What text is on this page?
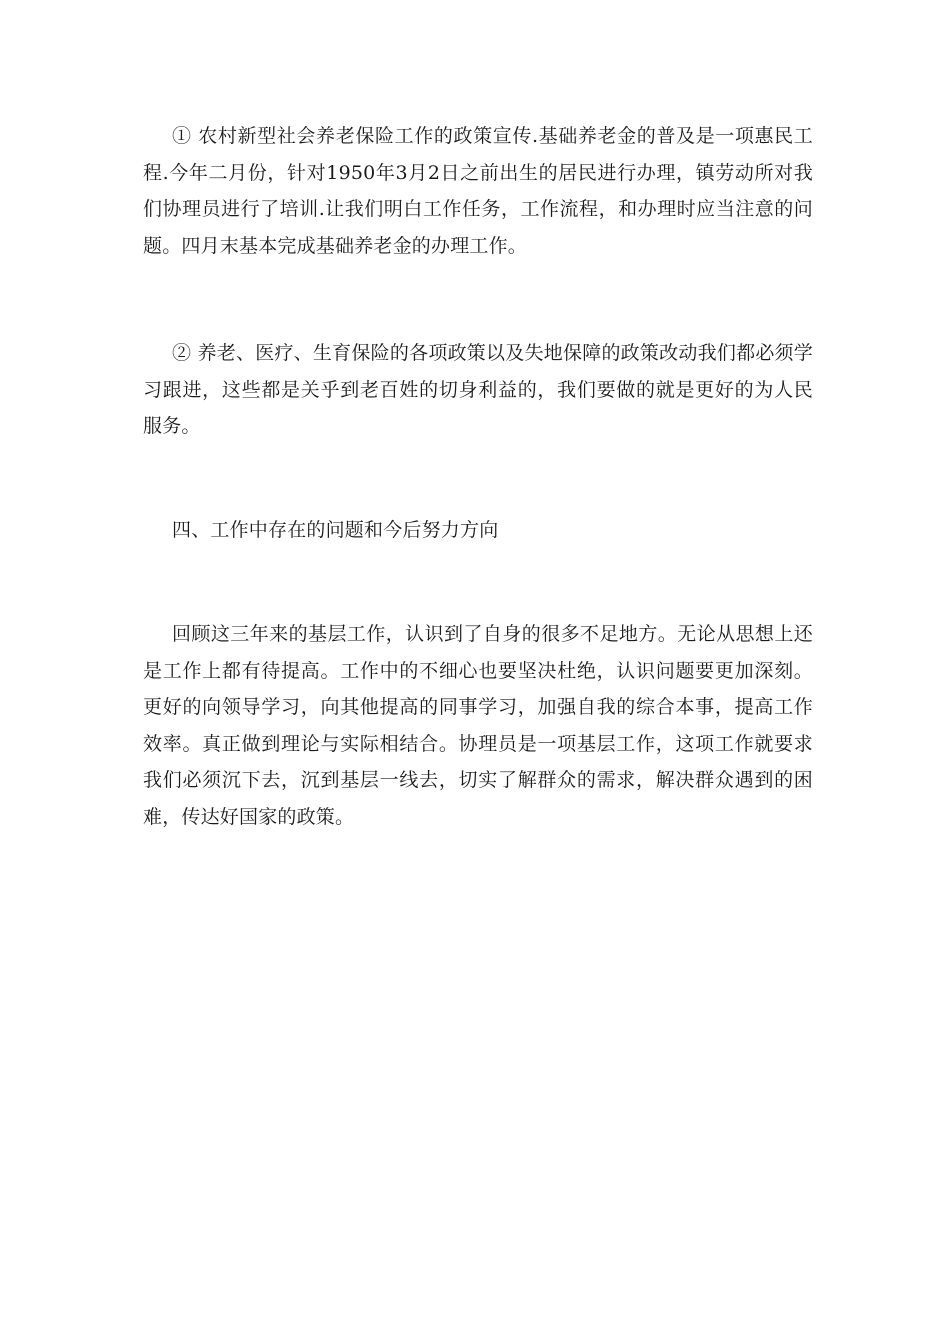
① 农村新型社会养老保险工作的政策宣传.基础养老金的普及是一项惠民工程.今年二月份，针对1950年3月2日之前出生的居民进行办理，镇劳动所对我们协理员进行了培训.让我们明白工作任务，工作流程，和办理时应当注意的问题。四月末基本完成基础养老金的办理工作。

② 养老、医疗、生育保险的各项政策以及失地保障的政策改动我们都必须学习跟进，这些都是关乎到老百姓的切身利益的，我们要做的就是更好的为人民服务。

四、工作中存在的问题和今后努力方向

回顾这三年来的基层工作，认识到了自身的很多不足地方。无论从思想上还是工作上都有待提高。工作中的不细心也要坚决杜绝，认识问题要更加深刻。更好的向领导学习，向其他提高的同事学习，加强自我的综合本事，提高工作效率。真正做到理论与实际相结合。协理员是一项基层工作，这项工作就要求我们必须沉下去，沉到基层一线去，切实了解群众的需求，解决群众遇到的困难，传达好国家的政策。
